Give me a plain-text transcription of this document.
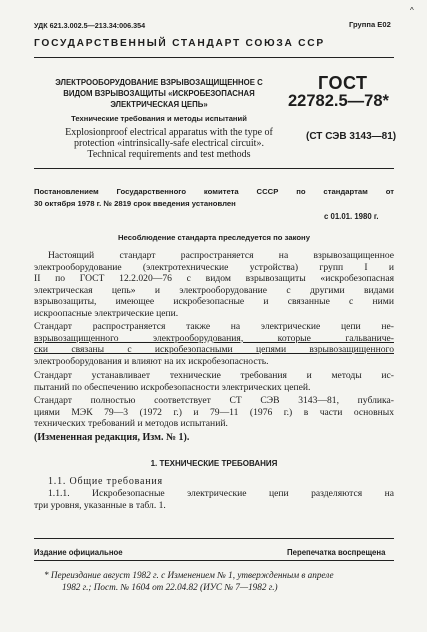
УДК 621.3.002.5—213.34:006.354	Группа Е02
^
ГОСУДАРСТВЕННЫЙ СТАНДАРТ СОЮЗА ССР
ЭЛЕКТРООБОРУДОВАНИЕ ВЗРЫВОЗАЩИЩЕННОЕ С
ВИДОМ ВЗРЫВОЗАЩИТЫ «ИСКРОБЕЗОПАСНАЯ
ЭЛЕКТРИЧЕСКАЯ ЦЕПЬ»
Технические требования и методы испытаний
ГОСТ
22782.5—78*
Explosionproof electrical apparatus with the type of
protection «intrinsically-safe electrical circuit».
Technical requirements and test methods
(СТ СЭВ 3143—81)
Постановлением Государственного комитета СССР по стандартам от
30 октября 1978 г. № 2819 срок введения установлен
с 01.01. 1980 г.
Несоблюдение стандарта преследуется по закону
Настоящий стандарт распространяется на взрывозащищенное
электрооборудование (электротехнические устройства) групп I и
II по ГОСТ 12.2.020—76 с видом взрывозащиты «искробезопасная
электрическая цепь» и электрооборудование с другими видами
взрывозащиты, имеющее искробезопасные и связанные с ними
искроопасные электрические цепи.
Стандарт распространяется также на электрические цепи не-
взрывозащищенного электрооборудования, которые гальваниче-
ски связаны с искробезопасными цепями взрывозащищенного
электрооборудования и влияют на их искробезопасность.
Стандарт устанавливает технические требования и методы ис-
пытаний по обеспечению искробезопасности электрических цепей.
Стандарт полностью соответствует СТ СЭВ 3143—81, публика-
циями МЭК 79—3 (1972 г.) и 79—11 (1976 г.) в части основных
технических требований и методов испытаний.
(Измененная редакция, Изм. № 1).
1. ТЕХНИЧЕСКИЕ ТРЕБОВАНИЯ
1.1. Общие требования
1.1.1. Искробезопасные электрические цепи разделяются на
три уровня, указанные в табл. 1.
Издание официальное	Перепечатка воспрещена
* Переиздание август 1982 г. с Изменением № 1, утвержденным в апреле
1982 г.; Пост. № 1604 от 22.04.82 (ИУС № 7—1982 г.)
